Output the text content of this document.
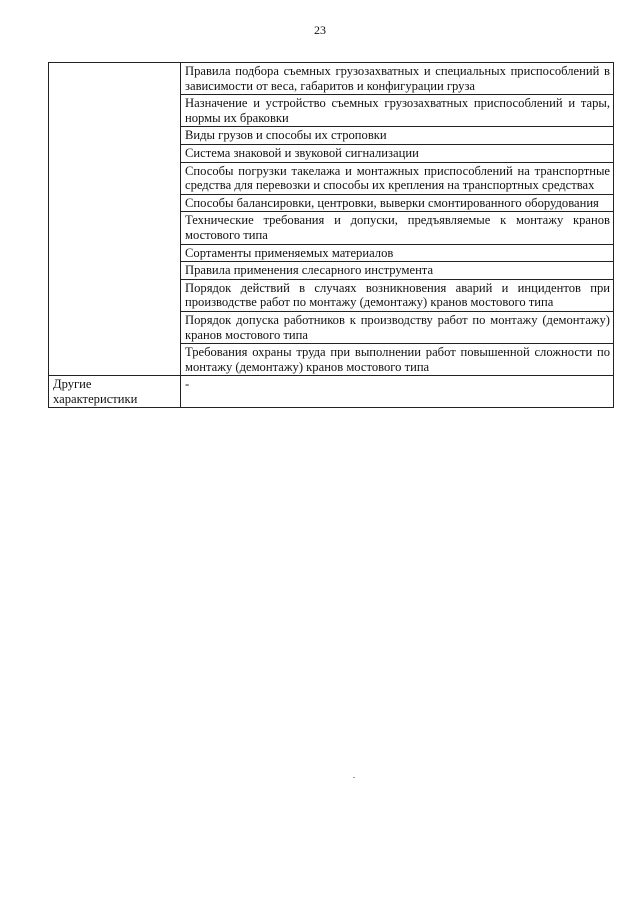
23
	Правила подбора съемных грузозахватных и специальных приспособлений в зависимости от веса, габаритов и конфигурации груза
	Назначение и устройство съемных грузозахватных приспособлений и тары, нормы их браковки
	Виды грузов и способы их строповки
	Система знаковой и звуковой сигнализации
	Способы погрузки такелажа и монтажных приспособлений на транспортные средства для перевозки и способы их крепления на транспортных средствах
	Способы балансировки, центровки, выверки смонтированного оборудования
	Технические требования и допуски, предъявляемые к монтажу кранов мостового типа
	Сортаменты применяемых материалов
	Правила применения слесарного инструмента
	Порядок действий в случаях возникновения аварий и инцидентов при производстве работ по монтажу (демонтажу) кранов мостового типа
	Порядок допуска работников к производству работ по монтажу (демонтажу) кранов мостового типа
	Требования охраны труда при выполнении работ повышенной сложности по монтажу (демонтажу) кранов мостового типа
Другие характеристики	-
